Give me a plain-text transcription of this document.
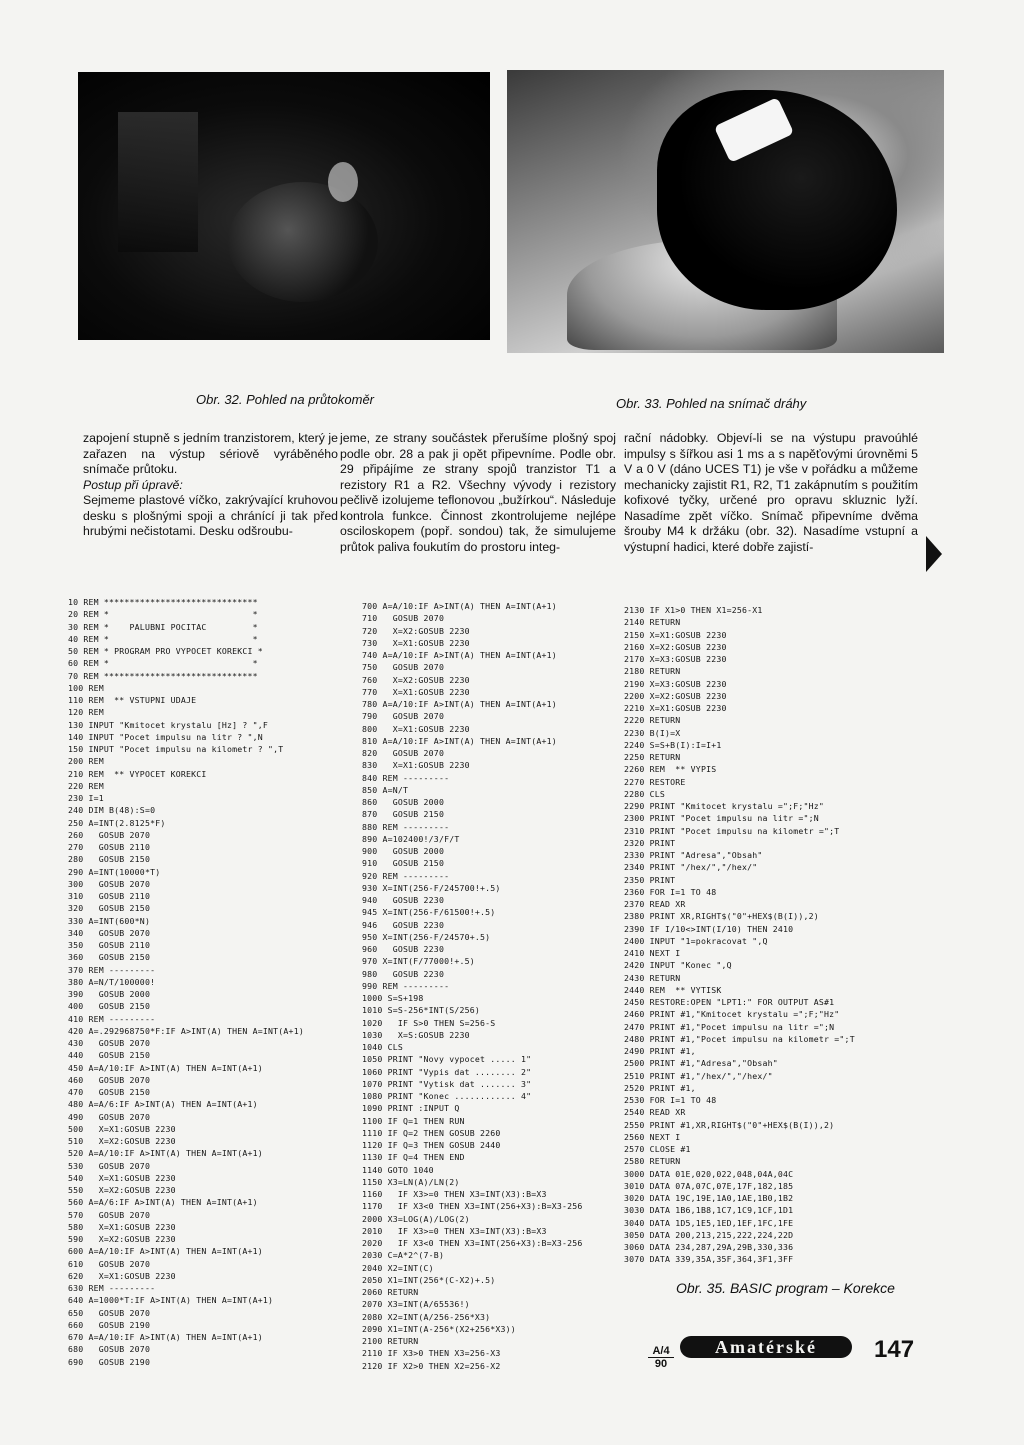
Obr. 32. Pohled na průtokoměr	Obr. 33. Pohled na snímač dráhy

zapojení stupně s jedním tranzistorem, který je zařazen na výstup sériově vyráběného snímače průtoku.

Postup při úpravě:

Sejmeme plastové víčko, zakrývající kruhovou desku s plošnými spoji a chránící ji tak před hrubými nečistotami. Desku odšroubu-

jeme, ze strany součástek přerušíme plošný spoj podle obr. 28 a pak ji opět připevníme. Podle obr. 29 připájíme ze strany spojů tranzistor T1 a rezistory R1 a R2. Všechny vývody i rezistory pečlivě izolujeme teflonovou „bužírkou“. Následuje kontrola funkce. Činnost zkontrolujeme nejlépe osciloskopem (popř. sondou) tak, že simulujeme průtok paliva foukutím do prostoru integ-

rační nádobky. Objeví-li se na výstupu pravoúhlé impulsy s šířkou asi 1 ms a s napěťovými úrovněmi 5 V a 0 V (dáno UCES T1) je vše v pořádku a můžeme mechanicky zajistit R1, R2, T1 zakápnutím s použitím kofixové tyčky, určené pro opravu skluznic lyží. Nasadíme zpět víčko. Snímač připevníme dvěma šrouby M4 k držáku (obr. 32). Nasadíme vstupní a výstupní hadici, které dobře zajistí-

10 REM ******************************
20 REM *                            *
30 REM *    PALUBNI POCITAC         *
40 REM *                            *
50 REM * PROGRAM PRO VYPOCET KOREKCI *
60 REM *                            *
70 REM ******************************
100 REM
110 REM  ** VSTUPNI UDAJE
120 REM
130 INPUT "Kmitocet krystalu [Hz] ? ",F
140 INPUT "Pocet impulsu na litr ? ",N
150 INPUT "Pocet impulsu na kilometr ? ",T
200 REM
210 REM  ** VYPOCET KOREKCI
220 REM
230 I=1
240 DIM B(48):S=0
250 A=INT(2.8125*F)
260   GOSUB 2070
270   GOSUB 2110
280   GOSUB 2150
290 A=INT(10000*T)
300   GOSUB 2070
310   GOSUB 2110
320   GOSUB 2150
330 A=INT(600*N)
340   GOSUB 2070
350   GOSUB 2110
360   GOSUB 2150
370 REM ---------
380 A=N/T/100000!
390   GOSUB 2000
400   GOSUB 2150
410 REM ---------
420 A=.292968750*F:IF A>INT(A) THEN A=INT(A+1)
430   GOSUB 2070
440   GOSUB 2150
450 A=A/10:IF A>INT(A) THEN A=INT(A+1)
460   GOSUB 2070
470   GOSUB 2150
480 A=A/6:IF A>INT(A) THEN A=INT(A+1)
490   GOSUB 2070
500   X=X1:GOSUB 2230
510   X=X2:GOSUB 2230
520 A=A/10:IF A>INT(A) THEN A=INT(A+1)
530   GOSUB 2070
540   X=X1:GOSUB 2230
550   X=X2:GOSUB 2230
560 A=A/6:IF A>INT(A) THEN A=INT(A+1)
570   GOSUB 2070
580   X=X1:GOSUB 2230
590   X=X2:GOSUB 2230
600 A=A/10:IF A>INT(A) THEN A=INT(A+1)
610   GOSUB 2070
620   X=X1:GOSUB 2230
630 REM ---------
640 A=1000*T:IF A>INT(A) THEN A=INT(A+1)
650   GOSUB 2070
660   GOSUB 2190
670 A=A/10:IF A>INT(A) THEN A=INT(A+1)
680   GOSUB 2070
690   GOSUB 2190
700 A=A/10:IF A>INT(A) THEN A=INT(A+1)
710   GOSUB 2070
720   X=X2:GOSUB 2230
730   X=X1:GOSUB 2230
740 A=A/10:IF A>INT(A) THEN A=INT(A+1)
750   GOSUB 2070
760   X=X2:GOSUB 2230
770   X=X1:GOSUB 2230
780 A=A/10:IF A>INT(A) THEN A=INT(A+1)
790   GOSUB 2070
800   X=X1:GOSUB 2230
810 A=A/10:IF A>INT(A) THEN A=INT(A+1)
820   GOSUB 2070
830   X=X1:GOSUB 2230
840 REM ---------
850 A=N/T
860   GOSUB 2000
870   GOSUB 2150
880 REM ---------
890 A=102400!/3/F/T
900   GOSUB 2000
910   GOSUB 2150
920 REM ---------
930 X=INT(256-F/245700!+.5)
940   GOSUB 2230
945 X=INT(256-F/61500!+.5)
946   GOSUB 2230
950 X=INT(256-F/24570+.5)
960   GOSUB 2230
970 X=INT(F/77000!+.5)
980   GOSUB 2230
990 REM ---------
1000 S=S+198
1010 S=S-256*INT(S/256)
1020   IF S>0 THEN S=256-S
1030   X=S:GOSUB 2230
1040 CLS
1050 PRINT "Novy vypocet ..... 1"
1060 PRINT "Vypis dat ........ 2"
1070 PRINT "Vytisk dat ....... 3"
1080 PRINT "Konec ............ 4"
1090 PRINT :INPUT Q
1100 IF Q=1 THEN RUN
1110 IF Q=2 THEN GOSUB 2260
1120 IF Q=3 THEN GOSUB 2440
1130 IF Q=4 THEN END
1140 GOTO 1040
1150 X3=LN(A)/LN(2)
1160   IF X3>=0 THEN X3=INT(X3):B=X3
1170   IF X3<0 THEN X3=INT(256+X3):B=X3-256
2000 X3=LOG(A)/LOG(2)
2010   IF X3>=0 THEN X3=INT(X3):B=X3
2020   IF X3<0 THEN X3=INT(256+X3):B=X3-256
2030 C=A*2^(7-B)
2040 X2=INT(C)
2050 X1=INT(256*(C-X2)+.5)
2060 RETURN
2070 X3=INT(A/65536!)
2080 X2=INT(A/256-256*X3)
2090 X1=INT(A-256*(X2+256*X3))
2100 RETURN
2110 IF X3>0 THEN X3=256-X3
2120 IF X2>0 THEN X2=256-X2
2130 IF X1>0 THEN X1=256-X1
2140 RETURN
2150 X=X1:GOSUB 2230
2160 X=X2:GOSUB 2230
2170 X=X3:GOSUB 2230
2180 RETURN
2190 X=X3:GOSUB 2230
2200 X=X2:GOSUB 2230
2210 X=X1:GOSUB 2230
2220 RETURN
2230 B(I)=X
2240 S=S+B(I):I=I+1
2250 RETURN
2260 REM  ** VYPIS
2270 RESTORE
2280 CLS
2290 PRINT "Kmitocet krystalu =";F;"Hz"
2300 PRINT "Pocet impulsu na litr =";N
2310 PRINT "Pocet impulsu na kilometr =";T
2320 PRINT
2330 PRINT "Adresa","Obsah"
2340 PRINT "/hex/","/hex/"
2350 PRINT
2360 FOR I=1 TO 48
2370 READ XR
2380 PRINT XR,RIGHT$("0"+HEX$(B(I)),2)
2390 IF I/10<>INT(I/10) THEN 2410
2400 INPUT "1=pokracovat ",Q
2410 NEXT I
2420 INPUT "Konec ",Q
2430 RETURN
2440 REM  ** VYTISK
2450 RESTORE:OPEN "LPT1:" FOR OUTPUT AS#1
2460 PRINT #1,"Kmitocet krystalu =";F;"Hz"
2470 PRINT #1,"Pocet impulsu na litr =";N
2480 PRINT #1,"Pocet impulsu na kilometr =";T
2490 PRINT #1,
2500 PRINT #1,"Adresa","Obsah"
2510 PRINT #1,"/hex/","/hex/"
2520 PRINT #1,
2530 FOR I=1 TO 48
2540 READ XR
2550 PRINT #1,XR,RIGHT$("0"+HEX$(B(I)),2)
2560 NEXT I
2570 CLOSE #1
2580 RETURN
3000 DATA 01E,020,022,048,04A,04C
3010 DATA 07A,07C,07E,17F,182,185
3020 DATA 19C,19E,1A0,1AE,1B0,1B2
3030 DATA 1B6,1B8,1C7,1C9,1CF,1D1
3040 DATA 1D5,1E5,1ED,1EF,1FC,1FE
3050 DATA 200,213,215,222,224,22D
3060 DATA 234,287,29A,29B,330,336
3070 DATA 339,35A,35F,364,3F1,3FF
Obr. 35. BASIC program – Korekce
A/4
90
Amatérské RADIO
147
